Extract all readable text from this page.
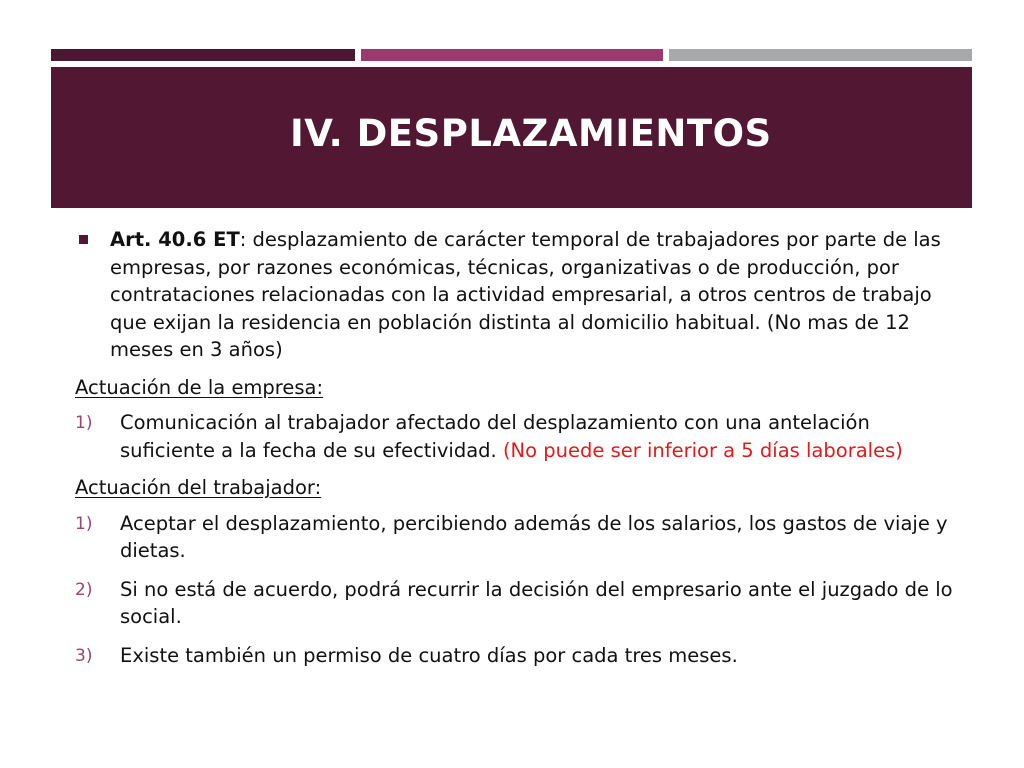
IV. DESPLAZAMIENTOS
Art. 40.6 ET: desplazamiento de carácter temporal de trabajadores por parte de las empresas, por razones económicas, técnicas, organizativas o de producción, por contrataciones relacionadas con la actividad empresarial, a otros centros de trabajo que exijan la residencia en población distinta al domicilio habitual. (No mas de 12 meses en 3 años)
Actuación de la empresa:
1) Comunicación al trabajador afectado del desplazamiento con una antelación suficiente a la fecha de su efectividad. (No puede ser inferior a 5 días laborales)
Actuación del trabajador:
1) Aceptar el desplazamiento, percibiendo además de los salarios, los gastos de viaje y dietas.
2) Si no está de acuerdo, podrá recurrir la decisión del empresario ante el juzgado de lo social.
3) Existe también un permiso de cuatro días por cada tres meses.
